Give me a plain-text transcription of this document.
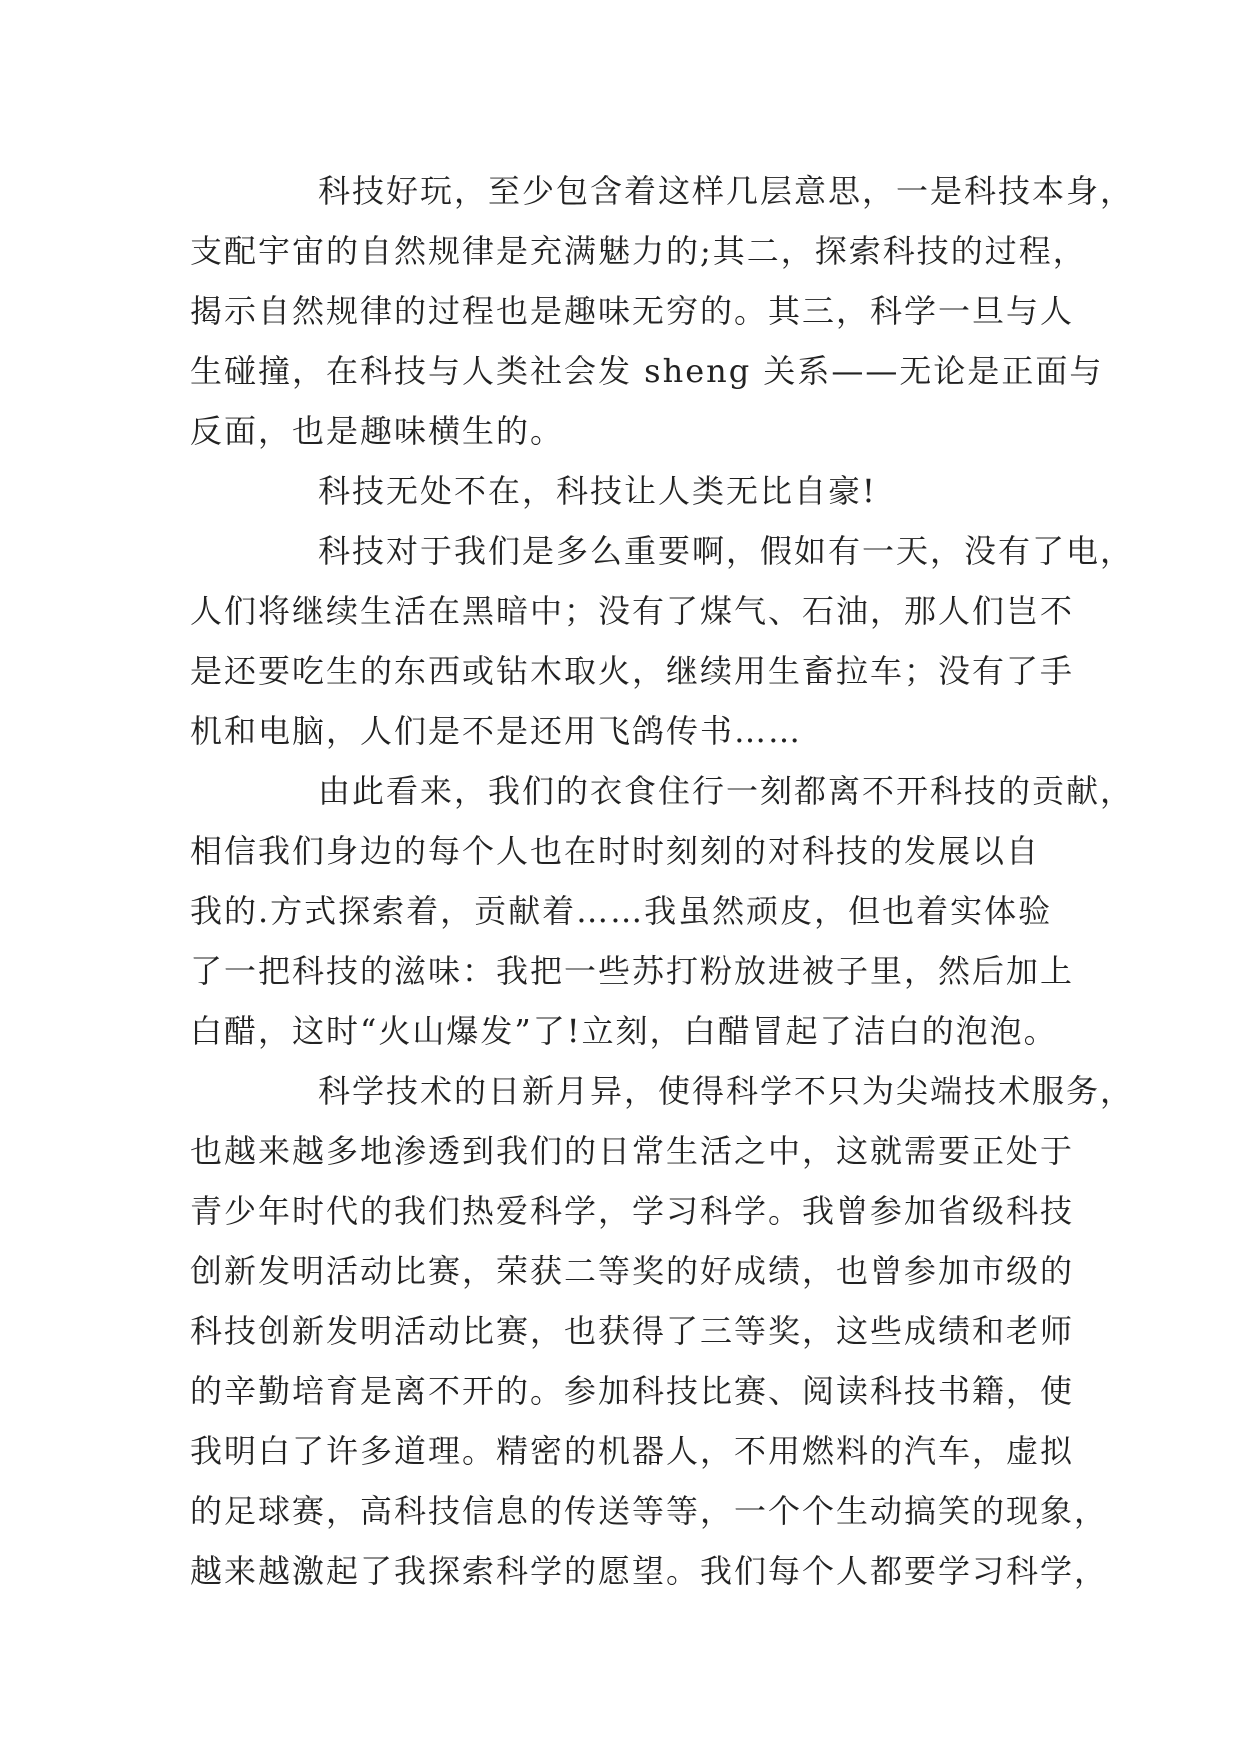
科技好玩，至少包含着这样几层意思，一是科技本身，
支配宇宙的自然规律是充满魅力的;其二，探索科技的过程，
揭示自然规律的过程也是趣味无穷的。其三，科学一旦与人
生碰撞，在科技与人类社会发 sheng 关系——无论是正面与
反面，也是趣味横生的。
科技无处不在，科技让人类无比自豪!
科技对于我们是多么重要啊，假如有一天，没有了电，
人们将继续生活在黑暗中；没有了煤气、石油，那人们岂不
是还要吃生的东西或钻木取火，继续用生畜拉车；没有了手
机和电脑，人们是不是还用飞鸽传书……
由此看来，我们的衣食住行一刻都离不开科技的贡献，
相信我们身边的每个人也在时时刻刻的对科技的发展以自
我的.方式探索着，贡献着……我虽然顽皮，但也着实体验
了一把科技的滋味：我把一些苏打粉放进被子里，然后加上
白醋，这时“火山爆发”了!立刻，白醋冒起了洁白的泡泡。
科学技术的日新月异，使得科学不只为尖端技术服务，
也越来越多地渗透到我们的日常生活之中，这就需要正处于
青少年时代的我们热爱科学，学习科学。我曾参加省级科技
创新发明活动比赛，荣获二等奖的好成绩，也曾参加市级的
科技创新发明活动比赛，也获得了三等奖，这些成绩和老师
的辛勤培育是离不开的。参加科技比赛、阅读科技书籍，使
我明白了许多道理。精密的机器人，不用燃料的汽车，虚拟
的足球赛，高科技信息的传送等等，一个个生动搞笑的现象，
越来越激起了我探索科学的愿望。我们每个人都要学习科学，
